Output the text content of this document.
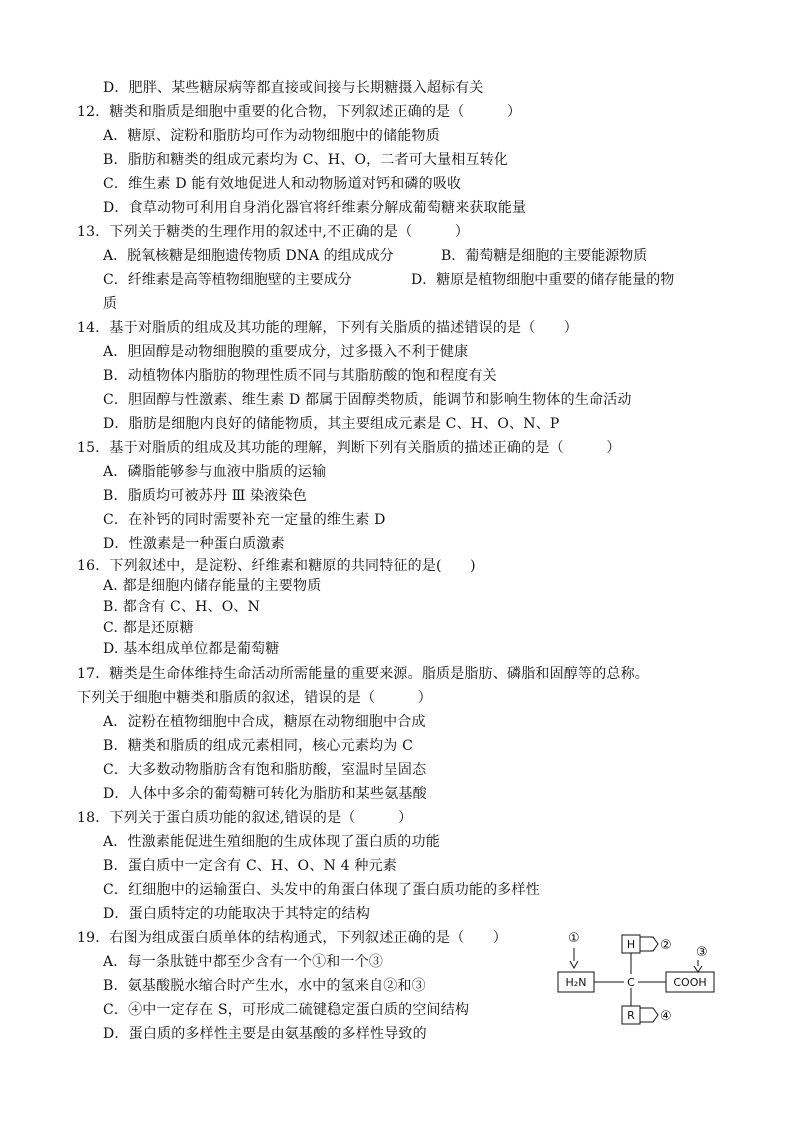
D．肥胖、某些糖尿病等都直接或间接与长期糖摄入超标有关
12．糖类和脂质是细胞中重要的化合物，下列叙述正确的是（　　　）
A．糖原、淀粉和脂肪均可作为动物细胞中的储能物质
B．脂肪和糖类的组成元素均为 C、H、O，二者可大量相互转化
C．维生素 D 能有效地促进人和动物肠道对钙和磷的吸收
D．食草动物可利用自身消化器官将纤维素分解成葡萄糖来获取能量
13．下列关于糖类的生理作用的叙述中,不正确的是（　　　）
A．脱氧核糖是细胞遗传物质 DNA 的组成成分	B．葡萄糖是细胞的主要能源物质
C．纤维素是高等植物细胞壁的主要成分	D．糖原是植物细胞中重要的储存能量的物
质
14．基于对脂质的组成及其功能的理解，下列有关脂质的描述错误的是（　　）
A．胆固醇是动物细胞膜的重要成分，过多摄入不利于健康
B．动植物体内脂肪的物理性质不同与其脂肪酸的饱和程度有关
C．胆固醇与性激素、维生素 D 都属于固醇类物质，能调节和影响生物体的生命活动
D．脂肪是细胞内良好的储能物质，其主要组成元素是 C、H、O、N、P
15．基于对脂质的组成及其功能的理解，判断下列有关脂质的描述正确的是（　　　）
A．磷脂能够参与血液中脂质的运输
B．脂质均可被苏丹 Ⅲ 染液染色
C．在补钙的同时需要补充一定量的维生素 D
D．性激素是一种蛋白质激素
16．下列叙述中，是淀粉、纤维素和糖原的共同特征的是(　　)
A. 都是细胞内储存能量的主要物质
B. 都含有 C、H、O、N
C. 都是还原糖
D. 基本组成单位都是葡萄糖
17．糖类是生命体维持生命活动所需能量的重要来源。脂质是脂肪、磷脂和固醇等的总称。
下列关于细胞中糖类和脂质的叙述，错误的是（　　　）
A．淀粉在植物细胞中合成，糖原在动物细胞中合成
B．糖类和脂质的组成元素相同，核心元素均为 C
C．大多数动物脂肪含有饱和脂肪酸，室温时呈固态
D．人体中多余的葡萄糖可转化为脂肪和某些氨基酸
18．下列关于蛋白质功能的叙述,错误的是（　　　）
A．性激素能促进生殖细胞的生成体现了蛋白质的功能
B．蛋白质中一定含有 C、H、O、N 4 种元素
C．红细胞中的运输蛋白、头发中的角蛋白体现了蛋白质功能的多样性
D．蛋白质特定的功能取决于其特定的结构
19．右图为组成蛋白质单体的结构通式，下列叙述正确的是（　　）
A．每一条肽链中都至少含有一个①和一个③
B．氨基酸脱水缩合时产生水，水中的氢来自②和③
C．④中一定存在 S，可形成二硫键稳定蛋白质的空间结构
D．蛋白质的多样性主要是由氨基酸的多样性导致的
①
H₂N	C
H ②
COOH
③
R ④
